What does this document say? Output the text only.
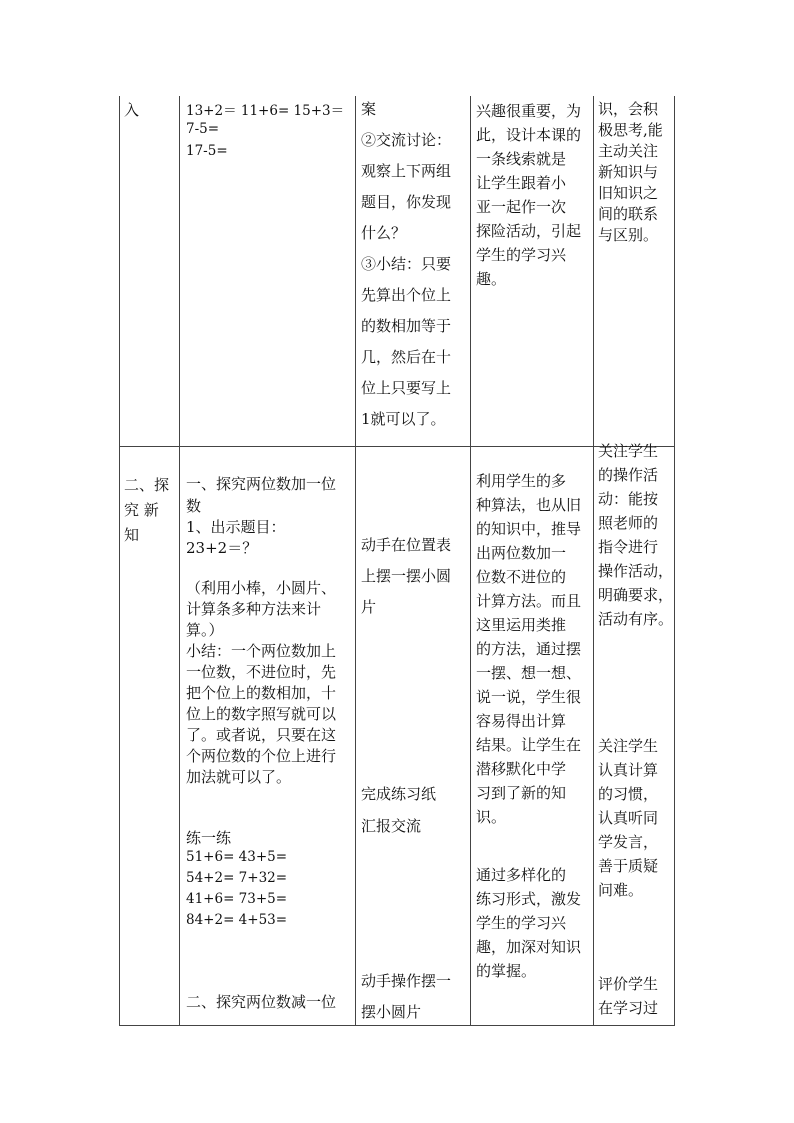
入	13+2＝ 11+6= 15+3＝
7-5=
17-5=
案
②交流讨论：
观察上下两组
题目，你发现
什么？
③小结：只要
先算出个位上
的数相加等于
几，然后在十
位上只要写上
1就可以了。
兴趣很重要，为
此，设计本课的
一条线索就是
让学生跟着小
亚一起作一次
探险活动，引起
学生的学习兴
趣。
识，会积
极思考,能
主动关注
新知识与
旧知识之
间的联系
与区别。
二、探
究 新
知
一、探究两位数加一位
数
1、出示题目：
23+2＝？
（利用小棒，小圆片、
计算条多种方法来计
算。）
小结：一个两位数加上
一位数，不进位时，先
把个位上的数相加，十
位上的数字照写就可以
了。或者说，只要在这
个两位数的个位上进行
加法就可以了。
练一练
51+6= 43+5=
54+2= 7+32=
41+6= 73+5=
84+2= 4+53=
二、探究两位数减一位
动手在位置表
上摆一摆小圆
片
完成练习纸
汇报交流
动手操作摆一
摆小圆片
利用学生的多
种算法，也从旧
的知识中，推导
出两位数加一
位数不进位的
计算方法。而且
这里运用类推
的方法，通过摆
一摆、想一想、
说一说，学生很
容易得出计算
结果。让学生在
潜移默化中学
习到了新的知
识。
通过多样化的
练习形式，激发
学生的学习兴
趣，加深对知识
的掌握。
关注学生
的操作活
动：能按
照老师的
指令进行
操作活动，
明确要求，
活动有序。
关注学生
认真计算
的习惯，
认真听同
学发言，
善于质疑
问难。
评价学生
在学习过
